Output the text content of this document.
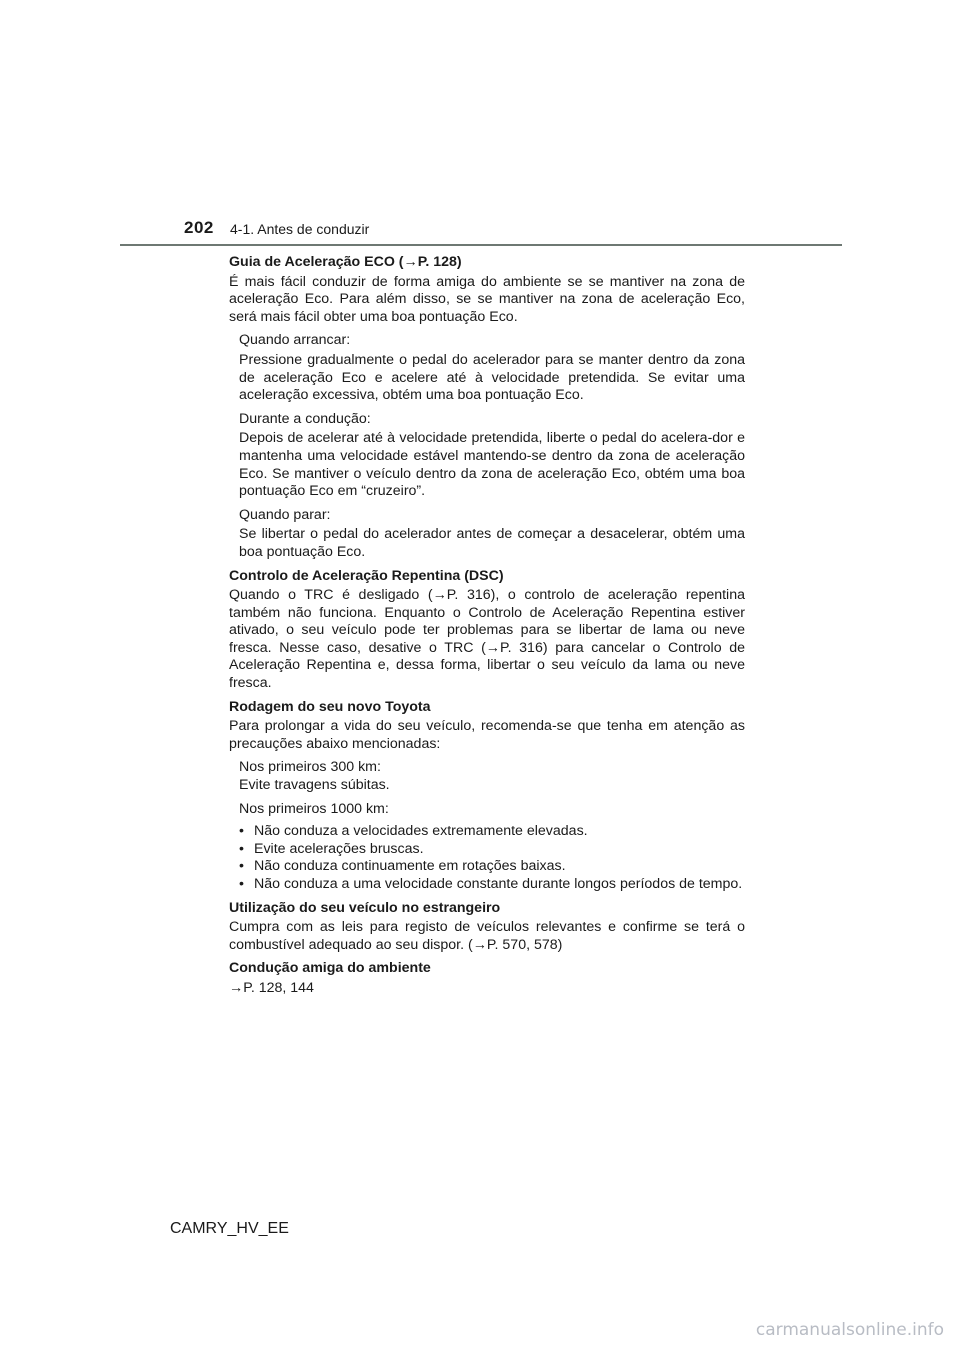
202 4-1. Antes de conduzir
Guia de Aceleração ECO (→P. 128)

É mais fácil conduzir de forma amiga do ambiente se se mantiver na zona de aceleração Eco. Para além disso, se se mantiver na zona de aceleração Eco, será mais fácil obter uma boa pontuação Eco.

Quando arrancar:
Pressione gradualmente o pedal do acelerador para se manter dentro da zona de aceleração Eco e acelere até à velocidade pretendida. Se evitar uma aceleração excessiva, obtém uma boa pontuação Eco.
Durante a condução:
Depois de acelerar até à velocidade pretendida, liberte o pedal do acelera-dor e mantenha uma velocidade estável mantendo-se dentro da zona de aceleração Eco. Se mantiver o veículo dentro da zona de aceleração Eco, obtém uma boa pontuação Eco em “cruzeiro”.
Quando parar:
Se libertar o pedal do acelerador antes de começar a desacelerar, obtém uma boa pontuação Eco.
Controlo de Aceleração Repentina (DSC)

Quando o TRC é desligado (→P. 316), o controlo de aceleração repentina também não funciona. Enquanto o Controlo de Aceleração Repentina estiver ativado, o seu veículo pode ter problemas para se libertar de lama ou neve fresca. Nesse caso, desative o TRC (→P. 316) para cancelar o Controlo de Aceleração Repentina e, dessa forma, libertar o seu veículo da lama ou neve fresca.

Rodagem do seu novo Toyota

Para prolongar a vida do seu veículo, recomenda-se que tenha em atenção as precauções abaixo mencionadas:

Nos primeiros 300 km:
Evite travagens súbitas.
Nos primeiros 1000 km:
• Não conduza a velocidades extremamente elevadas.
• Evite acelerações bruscas.
• Não conduza continuamente em rotações baixas.
• Não conduza a uma velocidade constante durante longos períodos de tempo.
Utilização do seu veículo no estrangeiro

Cumpra com as leis para registo de veículos relevantes e confirme se terá o combustível adequado ao seu dispor. (→P. 570, 578)

Condução amiga do ambiente

→P. 128, 144

CAMRY_HV_EE
carmanualsonline.info
